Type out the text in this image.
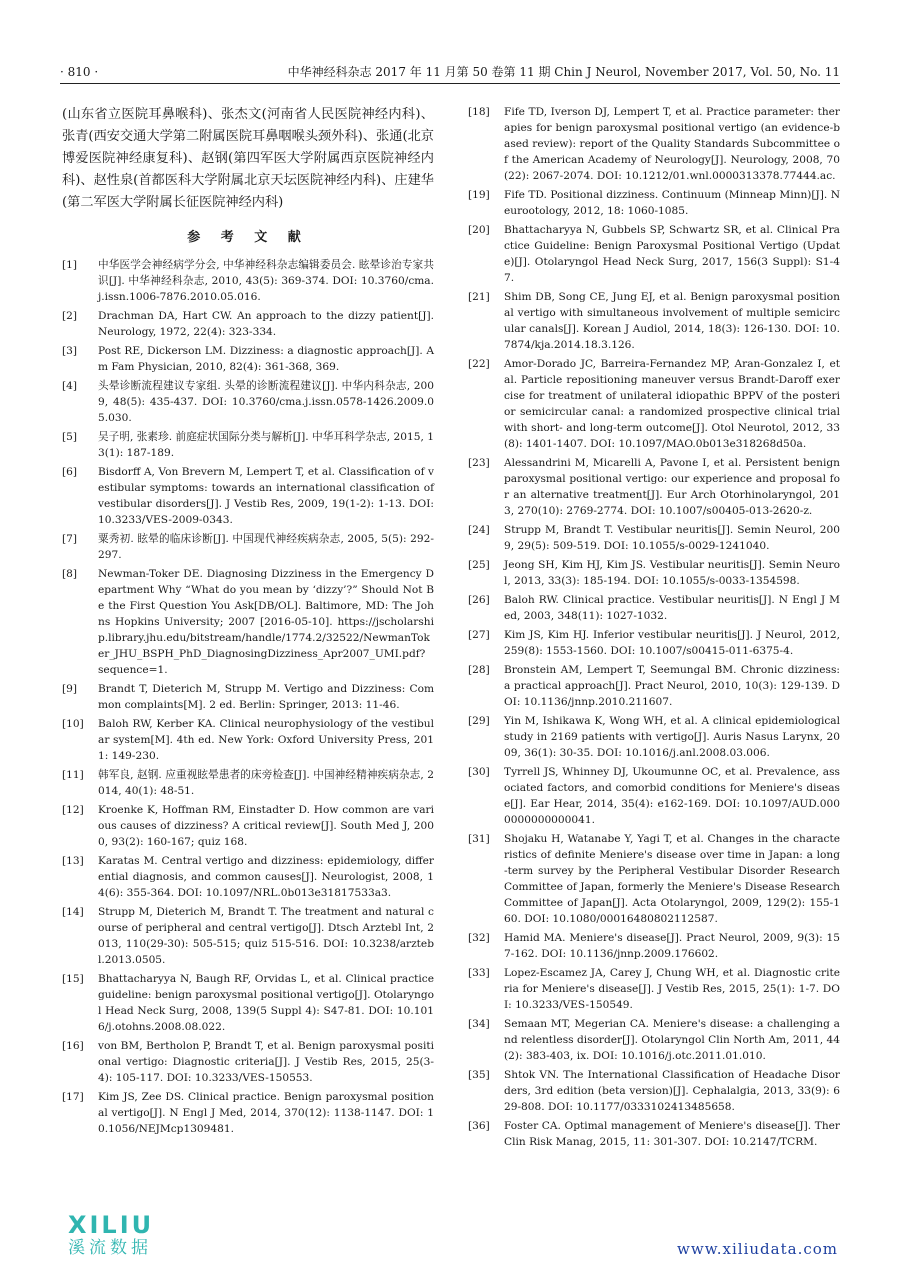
· 810 ·	中华神经科杂志 2017 年 11 月第 50 卷第 11 期 Chin J Neurol, November 2017, Vol. 50, No. 11

(山东省立医院耳鼻喉科)、张杰文(河南省人民医院神经内科)、张青(西安交通大学第二附属医院耳鼻咽喉头颈外科)、张通(北京博爱医院神经康复科)、赵钢(第四军医大学附属西京医院神经内科)、赵性泉(首都医科大学附属北京天坛医院神经内科)、庄建华(第二军医大学附属长征医院神经内科)

参 考 文 献
[1]	中华医学会神经病学分会, 中华神经科杂志编辑委员会. 眩晕诊治专家共识[J]. 中华神经科杂志, 2010, 43(5): 369-374. DOI: 10.3760/cma.j.issn.1006-7876.2010.05.016.
[2]	Drachman DA, Hart CW. An approach to the dizzy patient[J]. Neurology, 1972, 22(4): 323-334.
[3]	Post RE, Dickerson LM. Dizziness: a diagnostic approach[J]. Am Fam Physician, 2010, 82(4): 361-368, 369.
[4]	头晕诊断流程建议专家组. 头晕的诊断流程建议[J]. 中华内科杂志, 2009, 48(5): 435-437. DOI: 10.3760/cma.j.issn.0578-1426.2009.05.030.
[5]	吴子明, 张素珍. 前庭症状国际分类与解析[J]. 中华耳科学杂志, 2015, 13(1): 187-189.
[6]	Bisdorff A, Von Brevern M, Lempert T, et al. Classification of vestibular symptoms: towards an international classification of vestibular disorders[J]. J Vestib Res, 2009, 19(1-2): 1-13. DOI: 10.3233/VES-2009-0343.
[7]	粟秀初. 眩晕的临床诊断[J]. 中国现代神经疾病杂志, 2005, 5(5): 292-297.
[8]	Newman-Toker DE. Diagnosing Dizziness in the Emergency Department Why “What do you mean by ‘dizzy’?” Should Not Be the First Question You Ask[DB/OL]. Baltimore, MD: The Johns Hopkins University; 2007 [2016-05-10]. https://jscholarship.library.jhu.edu/bitstream/handle/1774.2/32522/NewmanToker_JHU_BSPH_PhD_DiagnosingDizziness_Apr2007_UMI.pdf? sequence=1.
[9]	Brandt T, Dieterich M, Strupp M. Vertigo and Dizziness: Common complaints[M]. 2 ed. Berlin: Springer, 2013: 11-46.
[10]	Baloh RW, Kerber KA. Clinical neurophysiology of the vestibular system[M]. 4th ed. New York: Oxford University Press, 2011: 149-230.
[11]	韩军良, 赵钢. 应重视眩晕患者的床旁检查[J]. 中国神经精神疾病杂志, 2014, 40(1): 48-51.
[12]	Kroenke K, Hoffman RM, Einstadter D. How common are various causes of dizziness? A critical review[J]. South Med J, 2000, 93(2): 160-167; quiz 168.
[13]	Karatas M. Central vertigo and dizziness: epidemiology, differential diagnosis, and common causes[J]. Neurologist, 2008, 14(6): 355-364. DOI: 10.1097/NRL.0b013e31817533a3.
[14]	Strupp M, Dieterich M, Brandt T. The treatment and natural course of peripheral and central vertigo[J]. Dtsch Arztebl Int, 2013, 110(29-30): 505-515; quiz 515-516. DOI: 10.3238/arztebl.2013.0505.
[15]	Bhattacharyya N, Baugh RF, Orvidas L, et al. Clinical practice guideline: benign paroxysmal positional vertigo[J]. Otolaryngol Head Neck Surg, 2008, 139(5 Suppl 4): S47-81. DOI: 10.1016/j.otohns.2008.08.022.
[16]	von BM, Bertholon P, Brandt T, et al. Benign paroxysmal positional vertigo: Diagnostic criteria[J]. J Vestib Res, 2015, 25(3-4): 105-117. DOI: 10.3233/VES-150553.
[17]	Kim JS, Zee DS. Clinical practice. Benign paroxysmal positional vertigo[J]. N Engl J Med, 2014, 370(12): 1138-1147. DOI: 10.1056/NEJMcp1309481.
[18]	Fife TD, Iverson DJ, Lempert T, et al. Practice parameter: therapies for benign paroxysmal positional vertigo (an evidence-based review): report of the Quality Standards Subcommittee of the American Academy of Neurology[J]. Neurology, 2008, 70(22): 2067-2074. DOI: 10.1212/01.wnl.0000313378.77444.ac.
[19]	Fife TD. Positional dizziness. Continuum (Minneap Minn)[J]. Neurootology, 2012, 18: 1060-1085.
[20]	Bhattacharyya N, Gubbels SP, Schwartz SR, et al. Clinical Practice Guideline: Benign Paroxysmal Positional Vertigo (Update)[J]. Otolaryngol Head Neck Surg, 2017, 156(3 Suppl): S1-47.
[21]	Shim DB, Song CE, Jung EJ, et al. Benign paroxysmal positional vertigo with simultaneous involvement of multiple semicircular canals[J]. Korean J Audiol, 2014, 18(3): 126-130. DOI: 10.7874/kja.2014.18.3.126.
[22]	Amor-Dorado JC, Barreira-Fernandez MP, Aran-Gonzalez I, et al. Particle repositioning maneuver versus Brandt-Daroff exercise for treatment of unilateral idiopathic BPPV of the posterior semicircular canal: a randomized prospective clinical trial with short- and long-term outcome[J]. Otol Neurotol, 2012, 33(8): 1401-1407. DOI: 10.1097/MAO.0b013e318268d50a.
[23]	Alessandrini M, Micarelli A, Pavone I, et al. Persistent benign paroxysmal positional vertigo: our experience and proposal for an alternative treatment[J]. Eur Arch Otorhinolaryngol, 2013, 270(10): 2769-2774. DOI: 10.1007/s00405-013-2620-z.
[24]	Strupp M, Brandt T. Vestibular neuritis[J]. Semin Neurol, 2009, 29(5): 509-519. DOI: 10.1055/s-0029-1241040.
[25]	Jeong SH, Kim HJ, Kim JS. Vestibular neuritis[J]. Semin Neurol, 2013, 33(3): 185-194. DOI: 10.1055/s-0033-1354598.
[26]	Baloh RW. Clinical practice. Vestibular neuritis[J]. N Engl J Med, 2003, 348(11): 1027-1032.
[27]	Kim JS, Kim HJ. Inferior vestibular neuritis[J]. J Neurol, 2012, 259(8): 1553-1560. DOI: 10.1007/s00415-011-6375-4.
[28]	Bronstein AM, Lempert T, Seemungal BM. Chronic dizziness: a practical approach[J]. Pract Neurol, 2010, 10(3): 129-139. DOI: 10.1136/jnnp.2010.211607.
[29]	Yin M, Ishikawa K, Wong WH, et al. A clinical epidemiological study in 2169 patients with vertigo[J]. Auris Nasus Larynx, 2009, 36(1): 30-35. DOI: 10.1016/j.anl.2008.03.006.
[30]	Tyrrell JS, Whinney DJ, Ukoumunne OC, et al. Prevalence, associated factors, and comorbid conditions for Meniere's disease[J]. Ear Hear, 2014, 35(4): e162-169. DOI: 10.1097/AUD.0000000000000041.
[31]	Shojaku H, Watanabe Y, Yagi T, et al. Changes in the characteristics of definite Meniere's disease over time in Japan: a long-term survey by the Peripheral Vestibular Disorder Research Committee of Japan, formerly the Meniere's Disease Research Committee of Japan[J]. Acta Otolaryngol, 2009, 129(2): 155-160. DOI: 10.1080/00016480802112587.
[32]	Hamid MA. Meniere's disease[J]. Pract Neurol, 2009, 9(3): 157-162. DOI: 10.1136/jnnp.2009.176602.
[33]	Lopez-Escamez JA, Carey J, Chung WH, et al. Diagnostic criteria for Meniere's disease[J]. J Vestib Res, 2015, 25(1): 1-7. DOI: 10.3233/VES-150549.
[34]	Semaan MT, Megerian CA. Meniere's disease: a challenging and relentless disorder[J]. Otolaryngol Clin North Am, 2011, 44(2): 383-403, ix. DOI: 10.1016/j.otc.2011.01.010.
[35]	Shtok VN. The International Classification of Headache Disorders, 3rd edition (beta version)[J]. Cephalalgia, 2013, 33(9): 629-808. DOI: 10.1177/0333102413485658.
[36]	Foster CA. Optimal management of Meniere's disease[J]. Ther Clin Risk Manag, 2015, 11: 301-307. DOI: 10.2147/TCRM.
XILIU
溪流数据	www.xiliudata.com
